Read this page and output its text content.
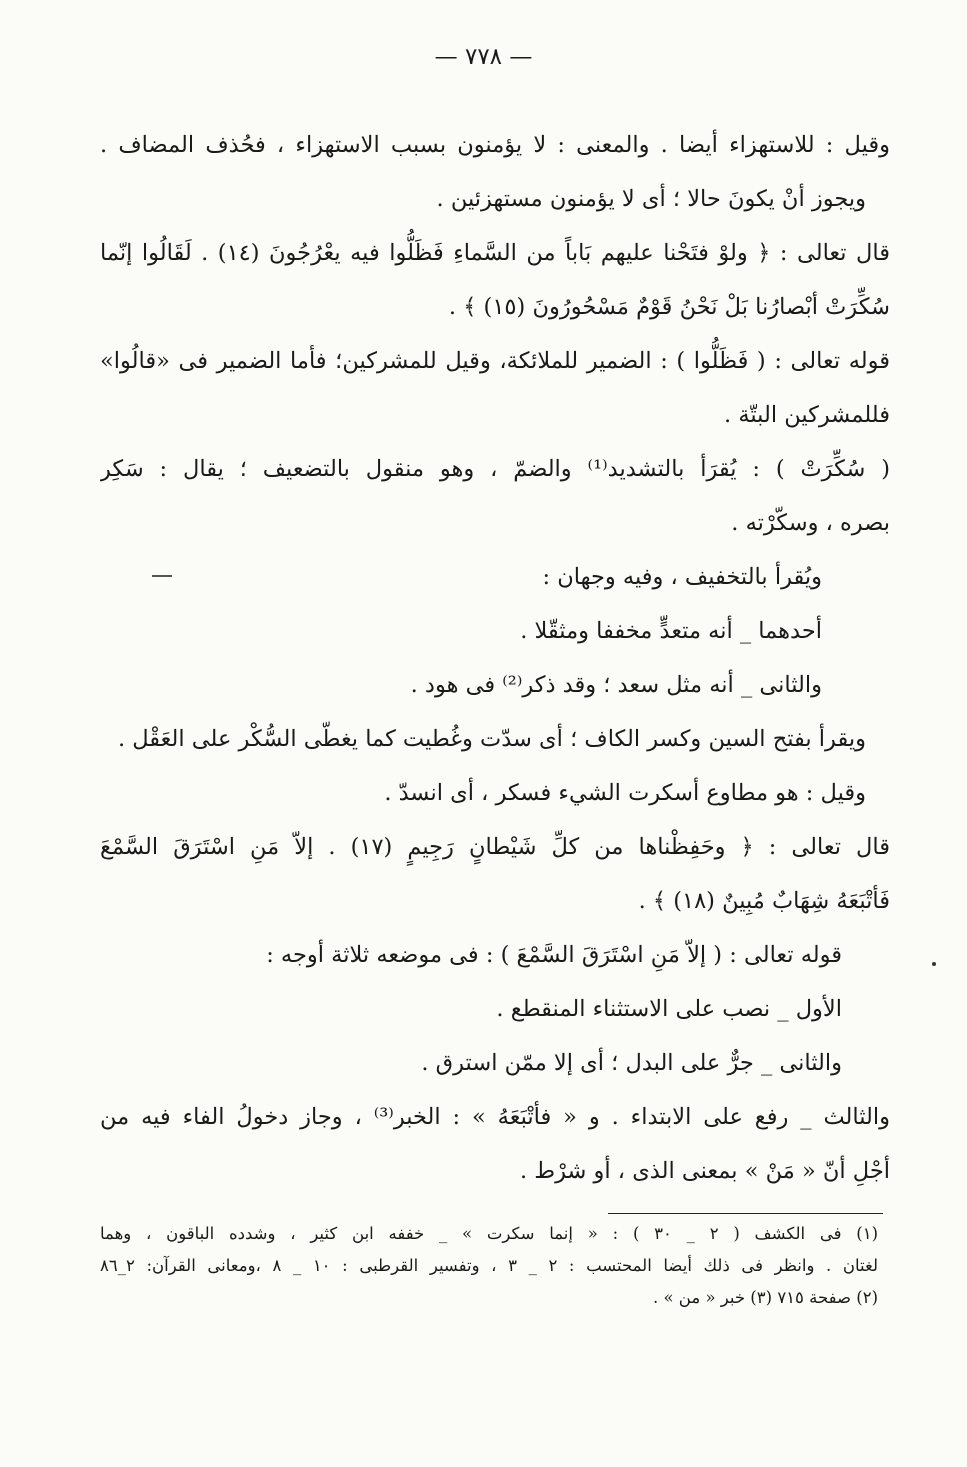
— ٧٧٨ —
وقيل : للاستهزاء أيضا . والمعنى : لا يؤمنون بسبب الاستهزاء ، فحُذف المضاف .
ويجوز أنْ يكونَ حالا ؛ أى لا يؤمنون مستهزئين .
قال تعالى : ﴿ ولوْ فتَحْنا عليهم بَاباً من السَّماءِ فَظَلُّوا فيه يعْرُجُونَ (١٤) . لَقَالُوا إنّما
سُكِّرَتْ أبْصارُنا بَلْ نَحْنُ قَوْمٌ مَسْحُورُونَ (١٥) ﴾ .
قوله تعالى : ( فَظَلُّوا ) : الضمير للملائكة، وقيل للمشركين؛ فأما الضمير فى «قالُوا»
فللمشركين البتّة .
( سُكِّرَتْ ) : يُقرَأ بالتشديد⁽¹⁾ والضمّ ، وهو منقول بالتضعيف ؛ يقال : سَكِر
بصره ، وسكّرْته .
ويُقرأ بالتخفيف ، وفيه وجهان :
أحدهما _ أنه متعدٍّ مخففا ومثقّلا .
والثانى _ أنه مثل سعد ؛ وقد ذكر⁽²⁾ فى هود .
ويقرأ بفتح السين وكسر الكاف ؛ أى سدّت وغُطيت كما يغطّى السُّكْر على العَقْل .
وقيل : هو مطاوع أسكرت الشيء فسكر ، أى انسدّ .
قال تعالى : ﴿ وحَفِظْناها من كلِّ شَيْطانٍ رَجِيمٍ (١٧) . إلاّ مَنِ اسْتَرَقَ السَّمْعَ
فَأتْبَعَهُ شِهَابٌ مُبِينٌ (١٨) ﴾ .
قوله تعالى : ( إلاّ مَنِ اسْتَرَقَ السَّمْعَ ) : فى موضعه ثلاثة أوجه :
الأول _ نصب على الاستثناء المنقطع .
والثانى _ جرٌّ على البدل ؛ أى إلا ممّن استرق .
والثالث _ رفع على الابتداء . و « فأتْبَعَهُ » : الخبر⁽³⁾ ، وجاز دخولُ الفاء فيه من
أجْلِ أنّ « مَنْ » بمعنى الذى ، أو شرْط .
(١) فى الكشف ( ٢ _ ٣٠ ) : « إنما سكرت » _ خففه ابن كثير ، وشدده الباقون ، وهما
لغتان . وانظر فى ذلك أيضا المحتسب : ٢ _ ٣ ، وتفسير القرطبى : ١٠ _ ٨ ،ومعانى القرآن: ٢_٨٦
(٢) صفحة ٧١٥ (٣) خبر « من » .
